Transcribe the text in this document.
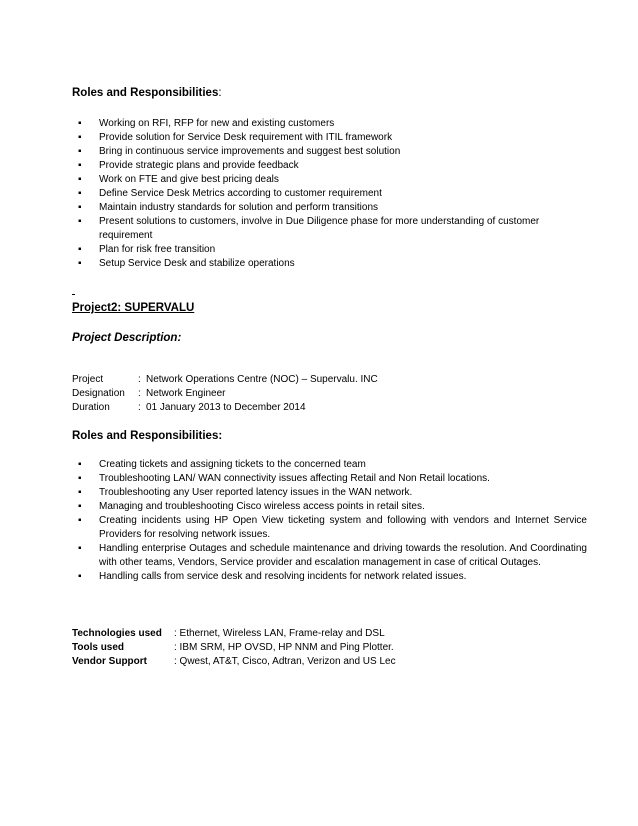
Roles and Responsibilities:
▪ Working on RFI, RFP for new and existing customers
▪ Provide solution for Service Desk requirement with ITIL framework
▪ Bring in continuous service improvements and suggest best solution
▪ Provide strategic plans and provide feedback
▪ Work on FTE and give best pricing deals
▪ Define Service Desk Metrics according to customer requirement
▪ Maintain industry standards for solution and perform transitions
▪ Present solutions to customers, involve in Due Diligence phase for more understanding of customer requirement
▪ Plan for risk free transition
▪ Setup Service Desk and stabilize operations
Project2: SUPERVALU
Project Description:
Project	: Network Operations Centre (NOC) – Supervalu. INC
Designation : Network Engineer
Duration	: 01 January 2013 to December 2014
Roles and Responsibilities:
▪ Creating tickets and assigning tickets to the concerned team
▪ Troubleshooting LAN/ WAN connectivity issues affecting Retail and Non Retail locations.
▪ Troubleshooting any User reported latency issues in the WAN network.
▪ Managing and troubleshooting Cisco wireless access points in retail sites.
▪ Creating incidents using HP Open View ticketing system and following with vendors and Internet Service Providers for resolving network issues.
▪ Handling enterprise Outages and schedule maintenance and driving towards the resolution. And Coordinating with other teams, Vendors, Service provider and escalation management in case of critical Outages.
▪ Handling calls from service desk and resolving incidents for network related issues.
Technologies used : Ethernet, Wireless LAN, Frame-relay and DSL
Tools used	: IBM SRM, HP OVSD, HP NNM and Ping Plotter.
Vendor Support	: Qwest, AT&T, Cisco, Adtran, Verizon and US Lec
